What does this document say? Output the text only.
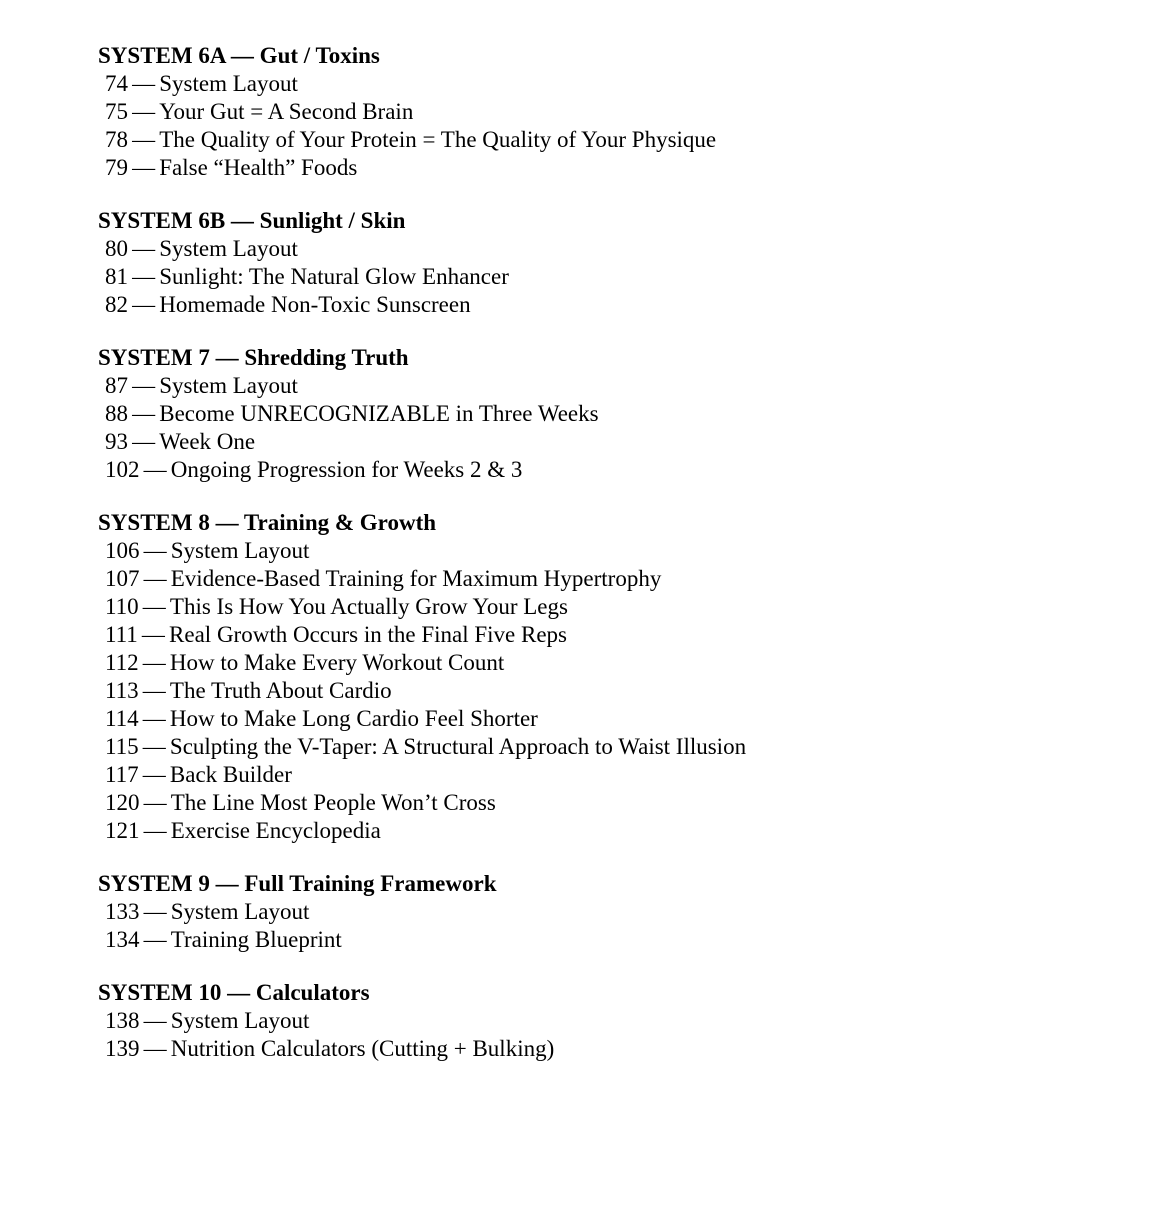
SYSTEM 6A — Gut / Toxins
74 — System Layout
75 — Your Gut = A Second Brain
78 — The Quality of Your Protein = The Quality of Your Physique
79 — False “Health” Foods
SYSTEM 6B — Sunlight / Skin
80 — System Layout
81 — Sunlight: The Natural Glow Enhancer
82 — Homemade Non-Toxic Sunscreen
SYSTEM 7 — Shredding Truth
87 — System Layout
88 — Become UNRECOGNIZABLE in Three Weeks
93 — Week One
102 — Ongoing Progression for Weeks 2 & 3
SYSTEM 8 — Training & Growth
106 — System Layout
107 — Evidence-Based Training for Maximum Hypertrophy
110 — This Is How You Actually Grow Your Legs
111 — Real Growth Occurs in the Final Five Reps
112 — How to Make Every Workout Count
113 — The Truth About Cardio
114 — How to Make Long Cardio Feel Shorter
115 — Sculpting the V-Taper: A Structural Approach to Waist Illusion
117 — Back Builder
120 — The Line Most People Won’t Cross
121 — Exercise Encyclopedia
SYSTEM 9 — Full Training Framework
133 — System Layout
134 — Training Blueprint
SYSTEM 10 — Calculators
138 — System Layout
139 — Nutrition Calculators (Cutting + Bulking)
